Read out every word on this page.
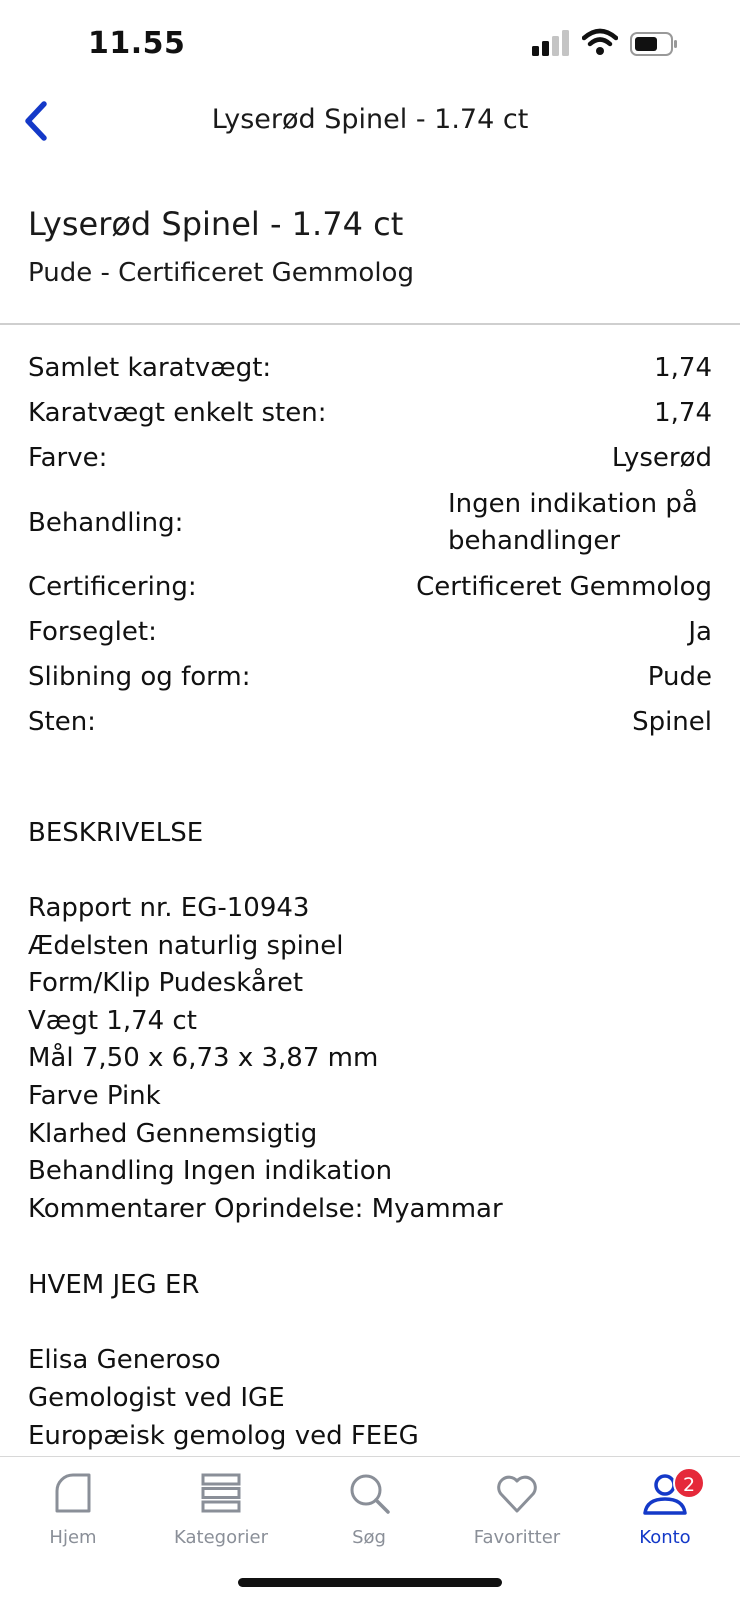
11.55
Lyserød Spinel - 1.74 ct
Lyserød Spinel - 1.74 ct
Pude - Certificeret Gemmolog
Samlet karatvægt:	1,74
Karatvægt enkelt sten:	1,74
Farve:	Lyserød
Behandling:
Ingen indikation på behandlinger
Certificering:	Certificeret Gemmolog
Forseglet:	Ja
Slibning og form:	Pude
Sten:	Spinel
BESKRIVELSE
Rapport nr. EG-10943
Ædelsten naturlig spinel
Form/Klip Pudeskåret
Vægt 1,74 ct
Mål 7,50 x 6,73 x 3,87 mm
Farve Pink
Klarhed Gennemsigtig
Behandling Ingen indikation
Kommentarer Oprindelse: Myammar
HVEM JEG ER
Elisa Generoso
Gemologist ved IGE
Europæisk gemolog ved FEEG
Hjem	Kategorier	Søg	Favoritter
2
Konto
